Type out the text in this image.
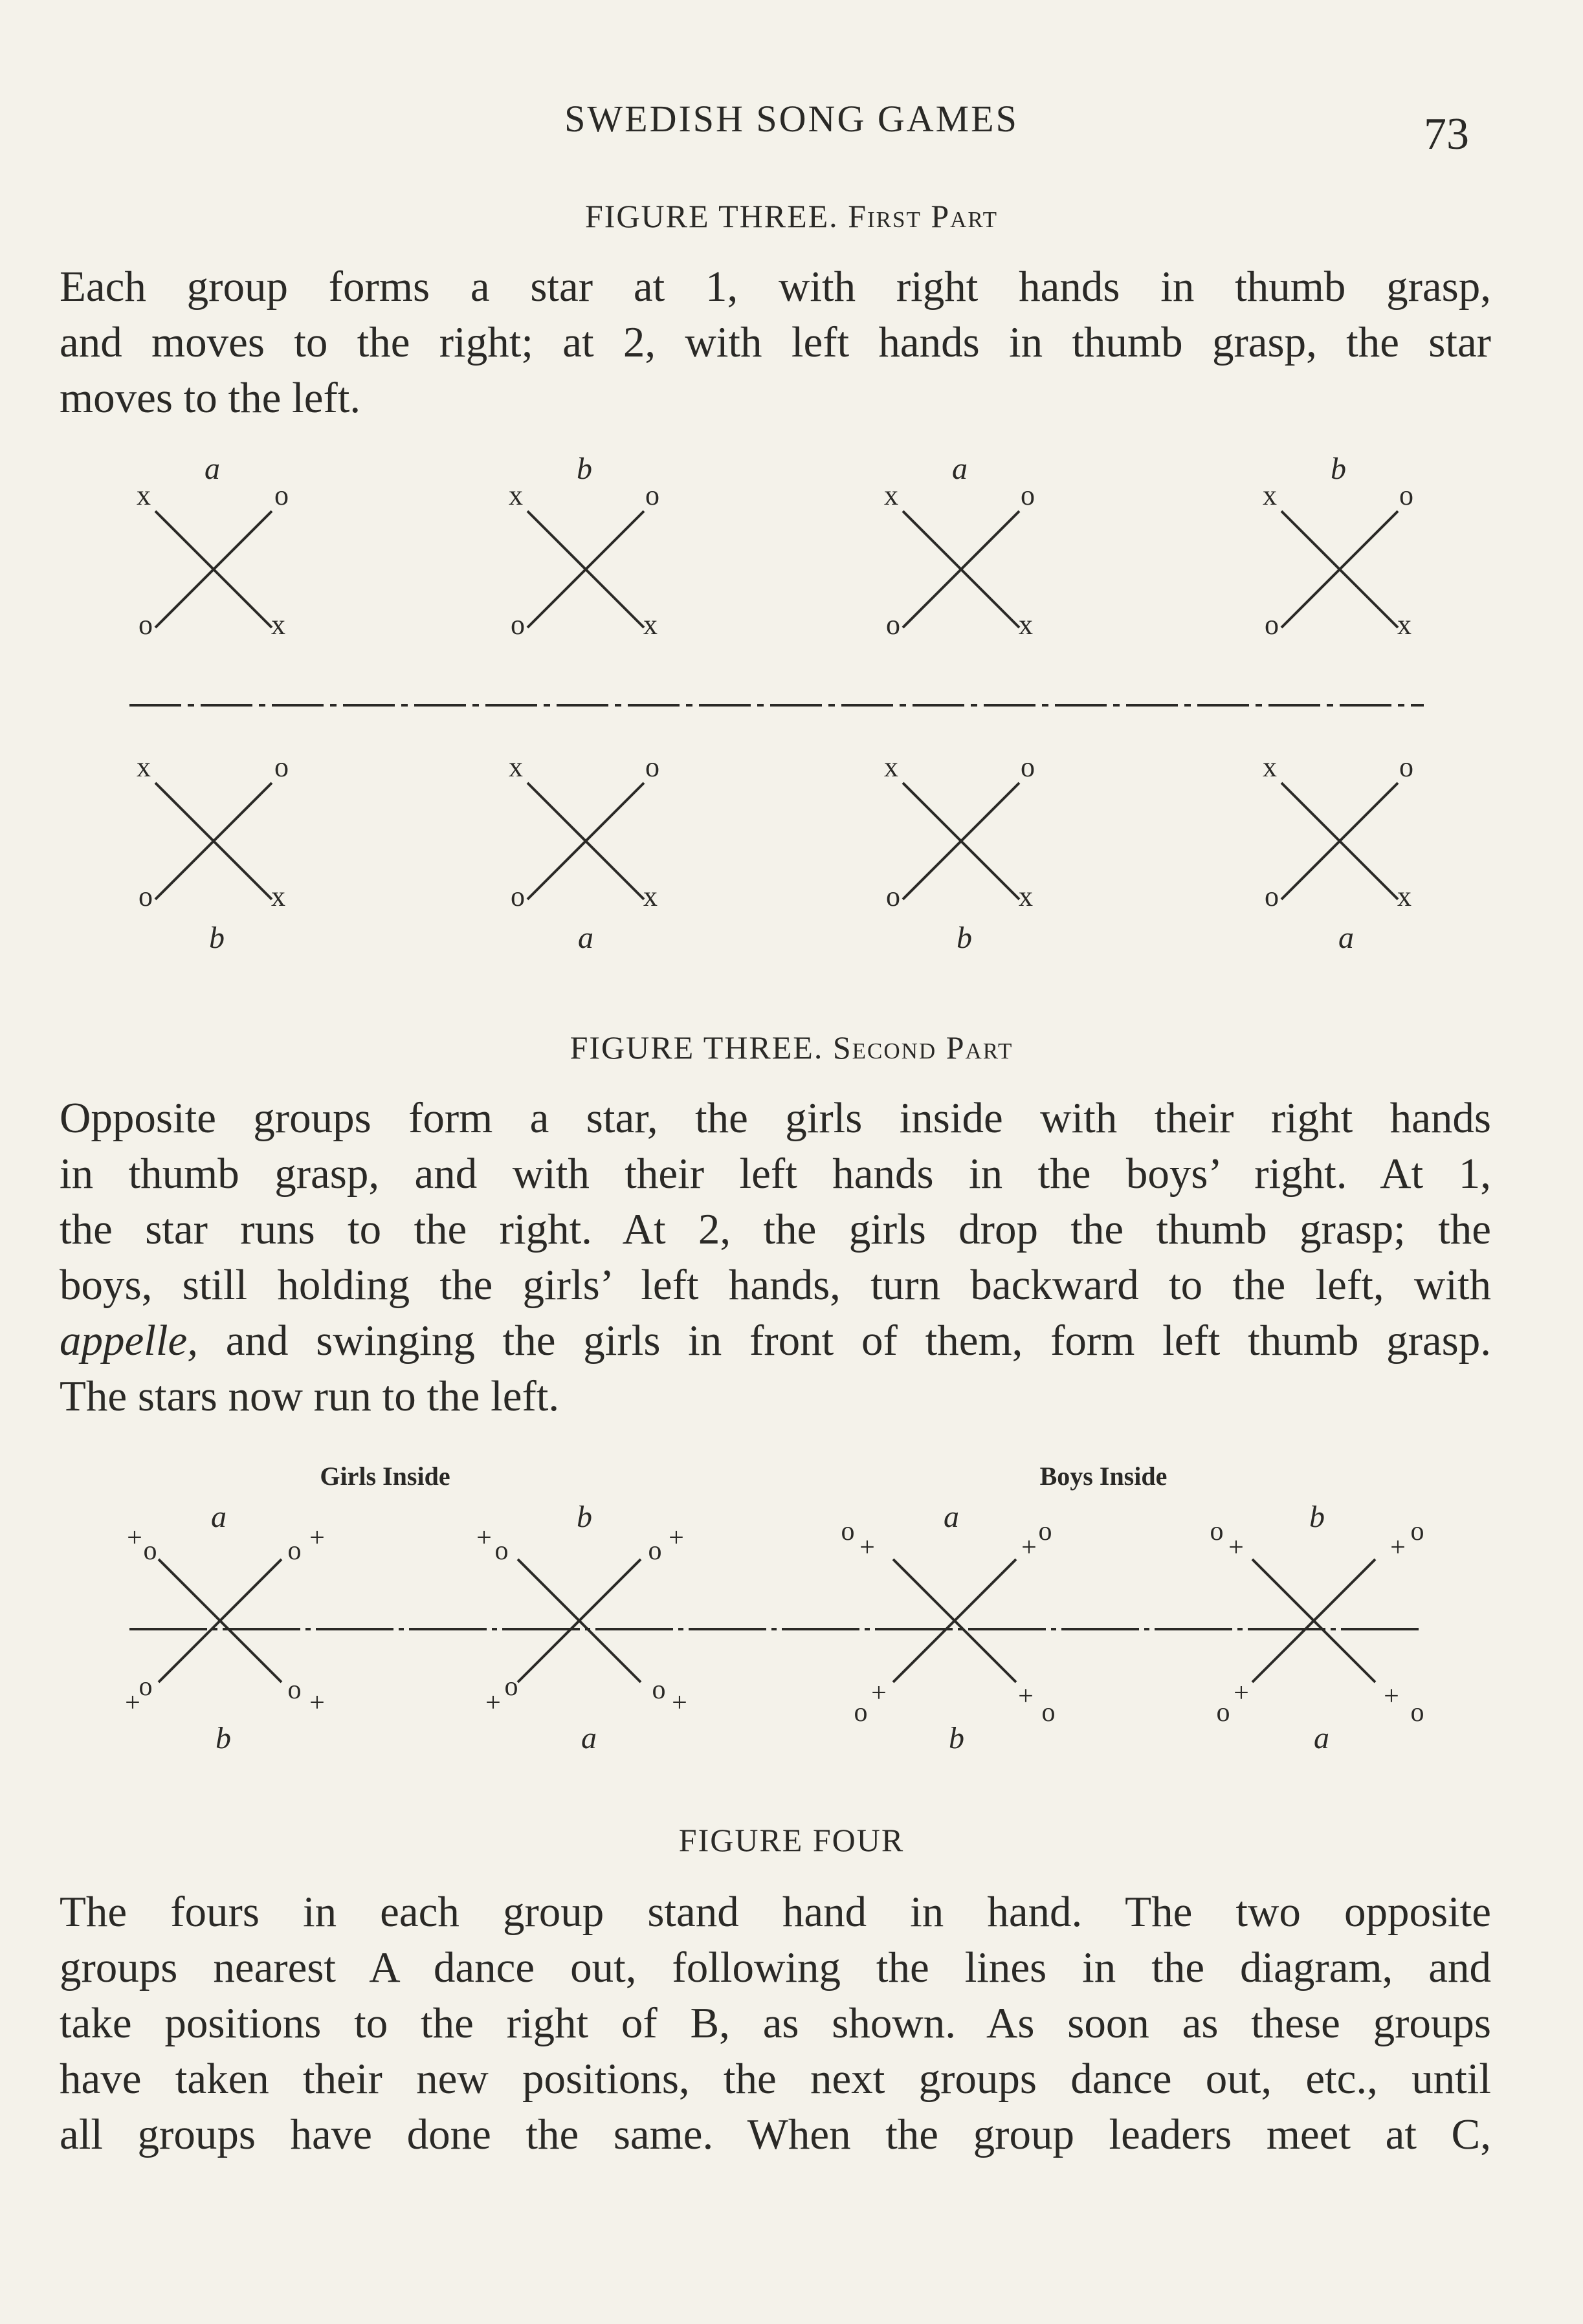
SWEDISH SONG GAMES	73
FIGURE THREE. First Part
Each group forms a star at 1, with right hands in thumb grasp,
and moves to the right; at 2, with left hands in thumb grasp, the star
moves to the left.
x	o
o	x
x	o
o	x
x	o
o	x
x	o
o	x
x	o
o	x
x	o
o	x
x	o
o	x
x	o
o	x
a	b	a	b
b	a	b	a
FIGURE THREE. Second Part
Opposite groups form a star, the girls inside with their right hands
in thumb grasp, and with their left hands in the boys’ right. At 1,
the star runs to the right. At 2, the girls drop the thumb grasp; the
boys, still holding the girls’ left hands, turn backward to the left, with
appelle, and swinging the girls in front of them, form left thumb grasp.
The stars now run to the left.
Girls Inside	Boys Inside
+ o	o +
o
+	o +
+ o	o +
o
+	o +
o
+
o
+
+
o
+
o
o
+
o
+
+
o
+
o
a	b	a	b
b	a	b	a
FIGURE FOUR
The fours in each group stand hand in hand. The two opposite
groups nearest A dance out, following the lines in the diagram, and
take positions to the right of B, as shown. As soon as these groups
have taken their new positions, the next groups dance out, etc., until
all groups have done the same. When the group leaders meet at C,
